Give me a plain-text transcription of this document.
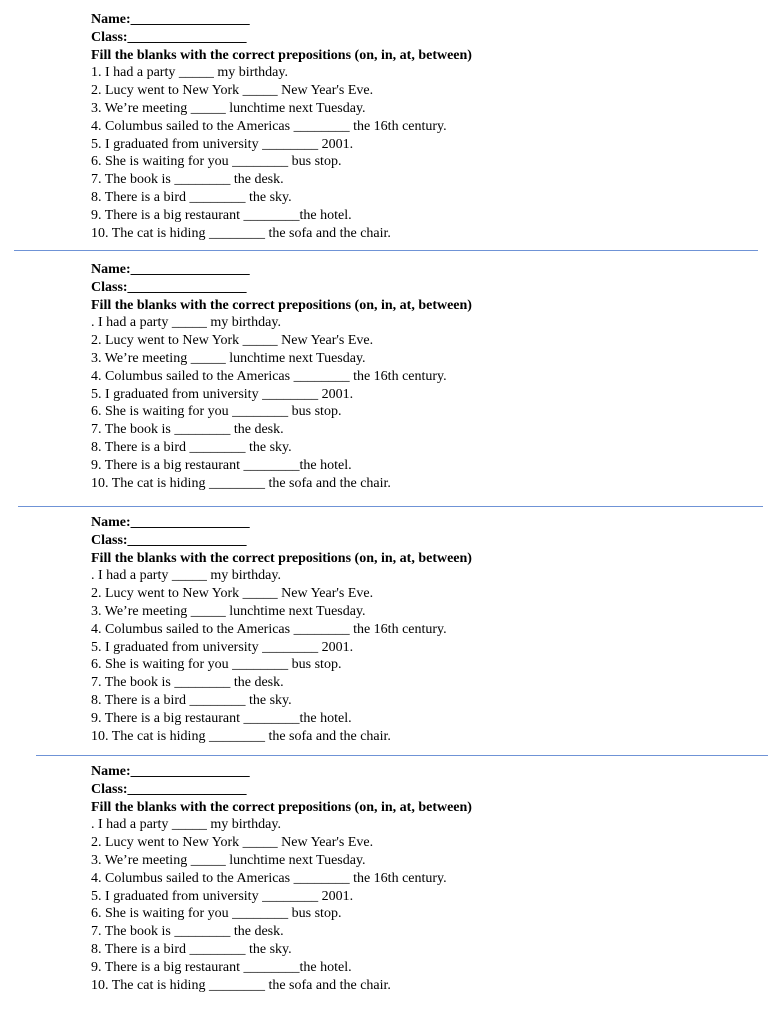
Name:_________________
Class:_________________
Fill the blanks with the correct prepositions (on, in, at, between)
1. I had a party _____ my birthday.
2. Lucy went to New York _____ New Year's Eve.
3. We’re meeting _____ lunchtime next Tuesday.
4. Columbus sailed to the Americas ________ the 16th century.
5. I graduated from university ________ 2001.
6. She is waiting for you ________ bus stop.
7. The book is ________ the desk.
8. There is a bird ________ the sky.
9. There is a big restaurant ________the hotel.
10. The cat is hiding ________ the sofa and the chair.
Name:_________________
Class:_________________
Fill the blanks with the correct prepositions (on, in, at, between)
. I had a party _____ my birthday.
2. Lucy went to New York _____ New Year's Eve.
3. We’re meeting _____ lunchtime next Tuesday.
4. Columbus sailed to the Americas ________ the 16th century.
5. I graduated from university ________ 2001.
6. She is waiting for you ________ bus stop.
7. The book is ________ the desk.
8. There is a bird ________ the sky.
9. There is a big restaurant ________the hotel.
10. The cat is hiding ________ the sofa and the chair.
Name:_________________
Class:_________________
Fill the blanks with the correct prepositions (on, in, at, between)
. I had a party _____ my birthday.
2. Lucy went to New York _____ New Year's Eve.
3. We’re meeting _____ lunchtime next Tuesday.
4. Columbus sailed to the Americas ________ the 16th century.
5. I graduated from university ________ 2001.
6. She is waiting for you ________ bus stop.
7. The book is ________ the desk.
8. There is a bird ________ the sky.
9. There is a big restaurant ________the hotel.
10. The cat is hiding ________ the sofa and the chair.
Name:_________________
Class:_________________
Fill the blanks with the correct prepositions (on, in, at, between)
. I had a party _____ my birthday.
2. Lucy went to New York _____ New Year's Eve.
3. We’re meeting _____ lunchtime next Tuesday.
4. Columbus sailed to the Americas ________ the 16th century.
5. I graduated from university ________ 2001.
6. She is waiting for you ________ bus stop.
7. The book is ________ the desk.
8. There is a bird ________ the sky.
9. There is a big restaurant ________the hotel.
10. The cat is hiding ________ the sofa and the chair.
